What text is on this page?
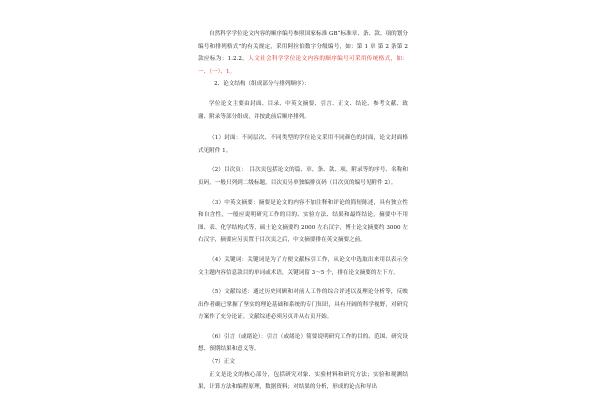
自然科学学位论文内容的顺序编号参照国家标准 GB“标准章、条、款、项的划分编号和排列格式”的有关规定，采用阿拉伯数字分级编号，如：第 1 章 第 2 条第 2 款应标为：1.2.2。人文社会科学学位论文内容的顺序编号可采用传统格式，如：一、（一）、1。

2、论文结构（组成部分与排列顺序）：

学位论文主要由封面、目录、中英文摘要、引言、正文、结论、参考文献、致谢、附录等部分组成，并按此前后顺序排列。

（1）封面：不同层次、不同类型的学位论文采用不同颜色的封面，论文封面格式见附件 1。

（2）目次页：　目次页包括论文的篇、章、条、款、项、附录等的序号、名称和页码，一般只列到二级标题，目次页另单独编排页码（目次页的编号见附件 2）。

（3）中英文摘要：摘要是论文的内容不加注释和评论的简短陈述，具有独立性和自含性，一般应说明研究工作的目的、实验方法、结果和最终结论，摘要中不用图、表、化学结构式等，硕士论文摘要约 2000 左右汉字，博士论文摘要约 3000 左右汉字，摘要应另页置于目次页之后，中文摘要排在英文摘要之前。

（4）关键词：关键词是为了方便文献标引工作，从论文中选取出来用以表示全文主题内容信息款目的单词或术语，关键词留 3～5 个，排在论文摘要的左下方。

（5）文献综述：通过历史回顾和对前人工作的综合评述以及理论分析等，反映出作者确已掌握了坚实的理论基础和系统的专门知识，具有开阔的科学视野，对研究方案作了充分论证。文献综述必须另页并从右页开始。

（6）引言（或绪论）：引言（或绪论）简要说明研究工作的目的、范围、研究设想、预期结果和意义等。

（7）正文

正文是论文的核心部分，包括研究对象、实验材料和研究方法；实验和观测结果，计算方法和编程原理，数据资料；对结果的分析，形成的论点和导出
